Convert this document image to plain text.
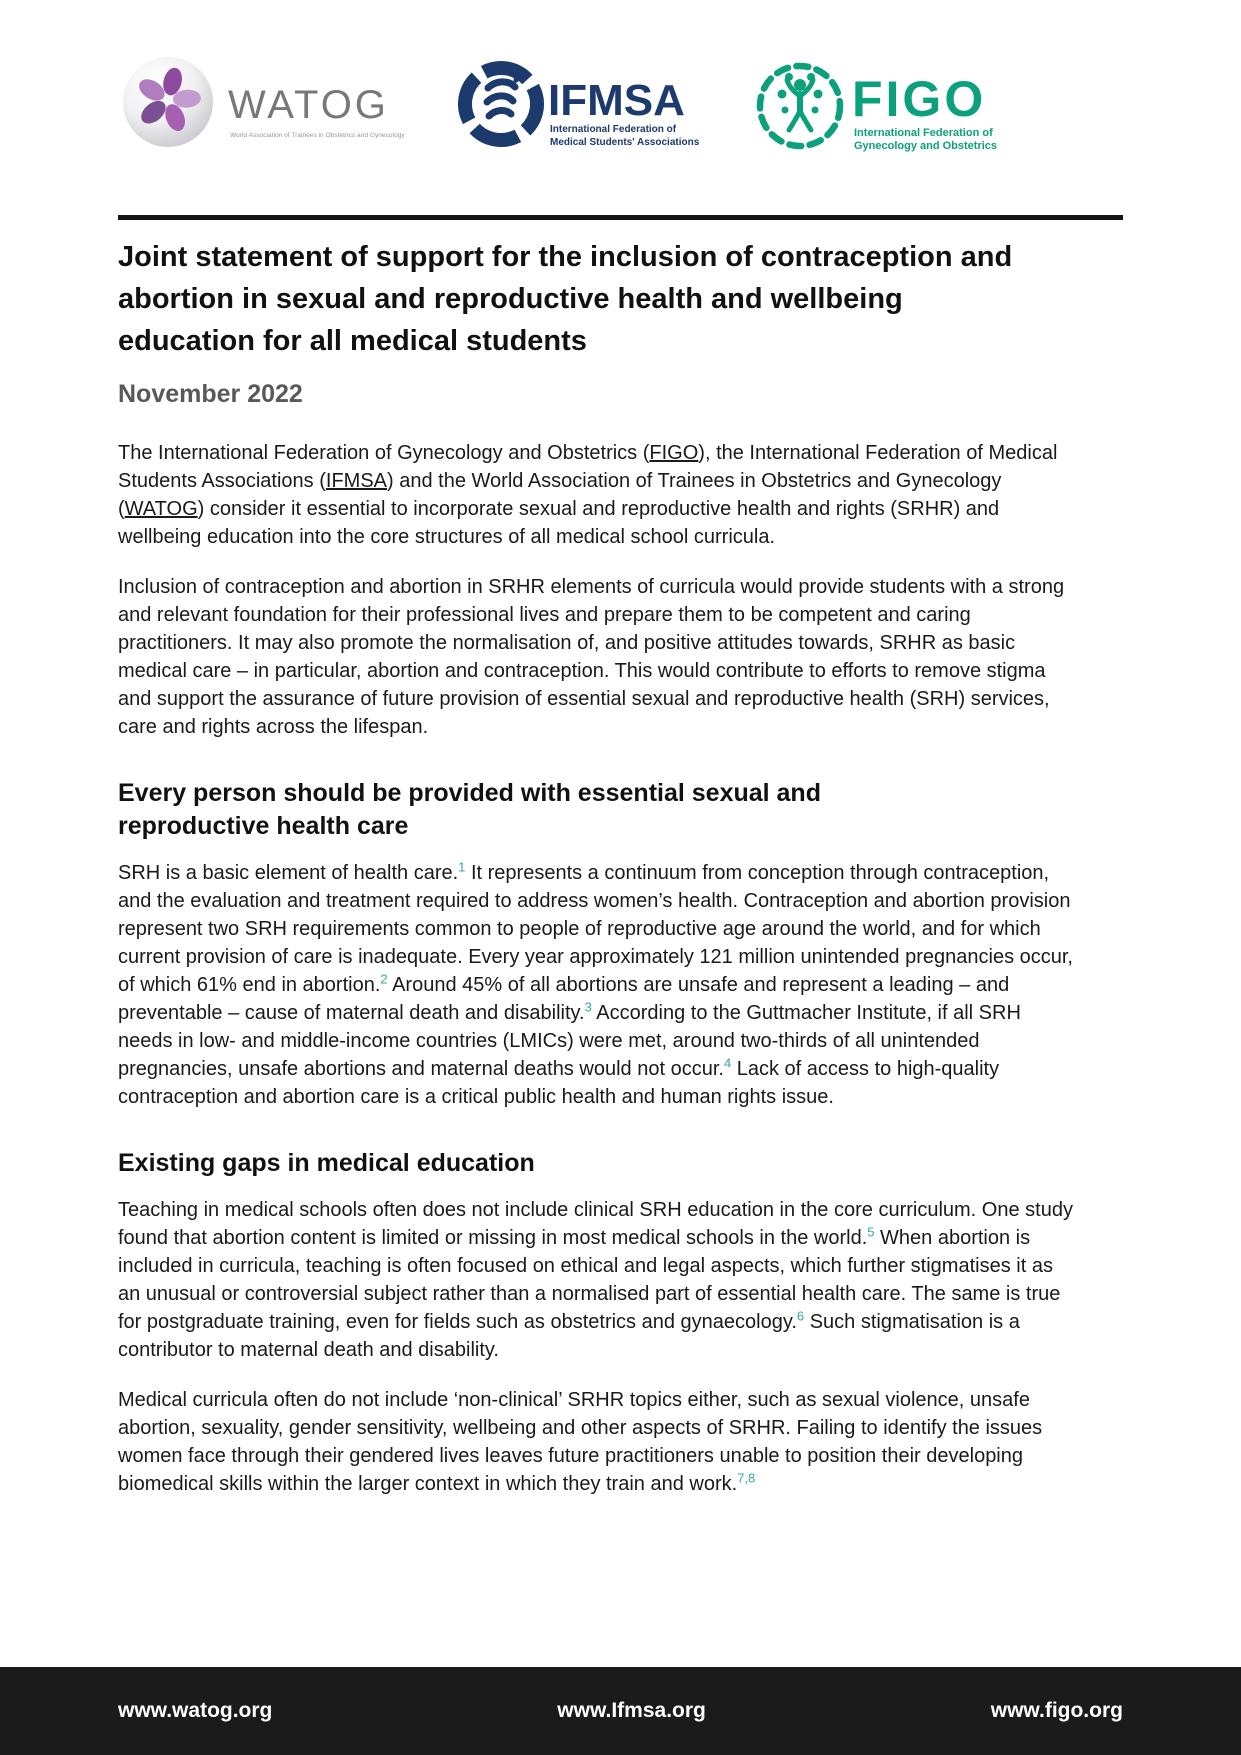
WATOG
World Association of Trainees in Obstetrics and Gynecology
IFMSA
International Federation of
Medical Students' Associations
FIGO
International Federation of
Gynecology and Obstetrics
Joint statement of support for the inclusion of contraception and abortion in sexual and reproductive health and wellbeing education for all medical students

November 2022

The International Federation of Gynecology and Obstetrics (FIGO), the International Federation of Medical Students Associations (IFMSA) and the World Association of Trainees in Obstetrics and Gynecology (WATOG) consider it essential to incorporate sexual and reproductive health and rights (SRHR) and wellbeing education into the core structures of all medical school curricula.

Inclusion of contraception and abortion in SRHR elements of curricula would provide students with a strong and relevant foundation for their professional lives and prepare them to be competent and caring practitioners. It may also promote the normalisation of, and positive attitudes towards, SRHR as basic medical care – in particular, abortion and contraception. This would contribute to efforts to remove stigma and support the assurance of future provision of essential sexual and reproductive health (SRH) services, care and rights across the lifespan.

Every person should be provided with essential sexual and reproductive health care

SRH is a basic element of health care.$^1$ It represents a continuum from conception through contraception, and the evaluation and treatment required to address women’s health. Contraception and abortion provision represent two SRH requirements common to people of reproductive age around the world, and for which current provision of care is inadequate. Every year approximately 121 million unintended pregnancies occur, of which 61% end in abortion.$^2$ Around 45% of all abortions are unsafe and represent a leading – and preventable – cause of maternal death and disability.$^3$ According to the Guttmacher Institute, if all SRH needs in low- and middle-income countries (LMICs) were met, around two-thirds of all unintended pregnancies, unsafe abortions and maternal deaths would not occur.$^4$ Lack of access to high-quality contraception and abortion care is a critical public health and human rights issue.

Existing gaps in medical education

Teaching in medical schools often does not include clinical SRH education in the core curriculum. One study found that abortion content is limited or missing in most medical schools in the world.$^5$ When abortion is included in curricula, teaching is often focused on ethical and legal aspects, which further stigmatises it as an unusual or controversial subject rather than a normalised part of essential health care. The same is true for postgraduate training, even for fields such as obstetrics and gynaecology.$^6$ Such stigmatisation is a contributor to maternal death and disability.

Medical curricula often do not include ‘non-clinical’ SRHR topics either, such as sexual violence, unsafe abortion, sexuality, gender sensitivity, wellbeing and other aspects of SRHR. Failing to identify the issues women face through their gendered lives leaves future practitioners unable to position their developing biomedical skills within the larger context in which they train and work.$^{7,8}$

www.watog.org	www.Ifmsa.org	www.figo.org
